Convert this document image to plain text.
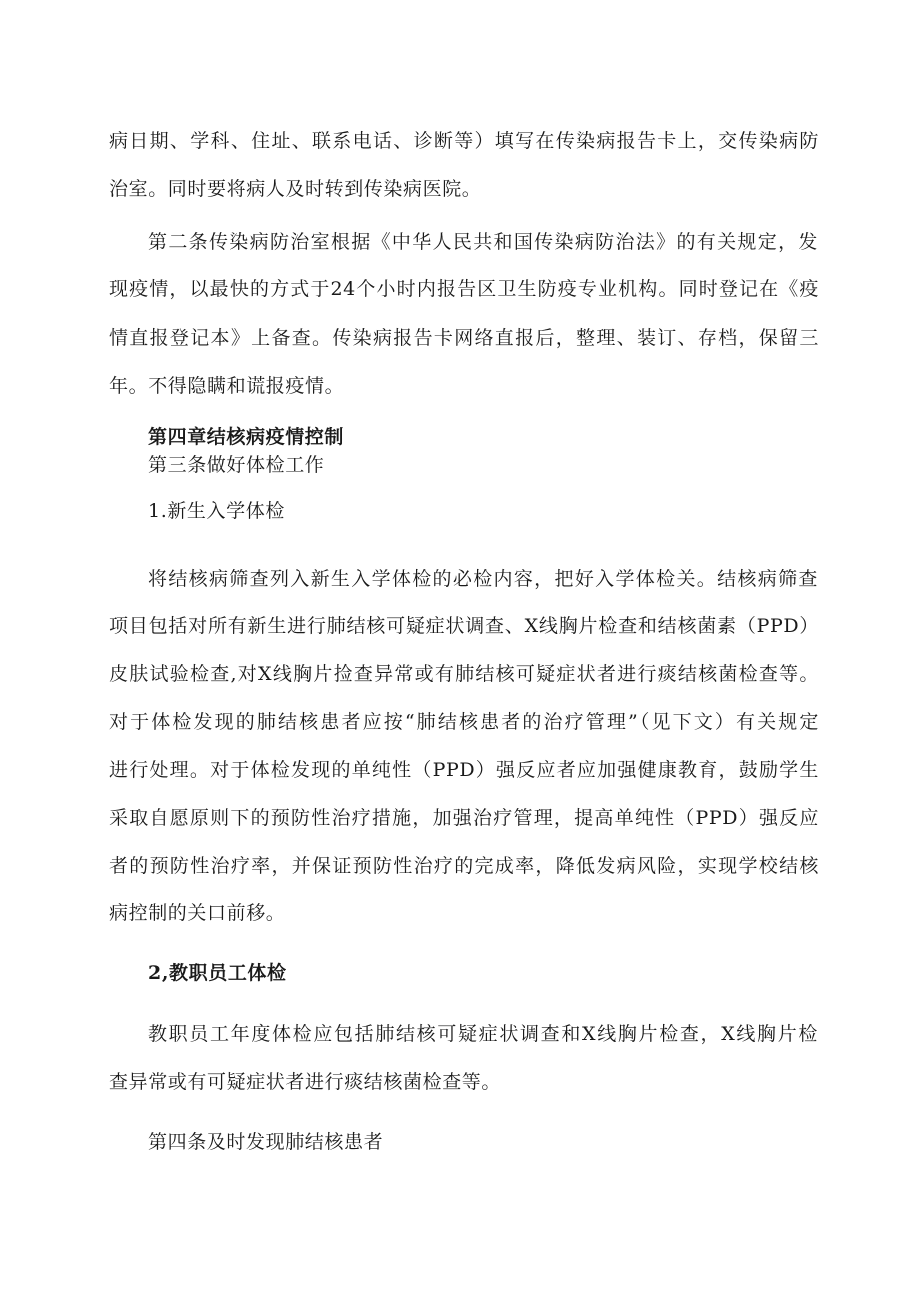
病日期、学科、住址、联系电话、诊断等）填写在传染病报告卡上，交传染病防
治室。同时要将病人及时转到传染病医院。
第二条传染病防治室根据《中华人民共和国传染病防治法》的有关规定，发
现疫情，以最快的方式于24个小时内报告区卫生防疫专业机构。同时登记在《疫
情直报登记本》上备查。传染病报告卡网络直报后，整理、装订、存档，保留三
年。不得隐瞒和谎报疫情。
第四章结核病疫情控制
第三条做好体检工作
1.新生入学体检
将结核病筛查列入新生入学体检的必检内容，把好入学体检关。结核病筛查
项目包括对所有新生进行肺结核可疑症状调查、X线胸片检查和结核菌素（PPD）
皮肤试验检查,对X线胸片捡查异常或有肺结核可疑症状者进行痰结核菌检查等。
对于体检发现的肺结核患者应按“肺结核患者的治疗管理”（见下文）有关规定
进行处理。对于体检发现的单纯性（PPD）强反应者应加强健康教育，鼓励学生
采取自愿原则下的预防性治疗措施，加强治疗管理，提高单纯性（PPD）强反应
者的预防性治疗率，并保证预防性治疗的完成率，降低发病风险，实现学校结核
病控制的关口前移。
2,教职员工体检
教职员工年度体检应包括肺结核可疑症状调查和X线胸片检查，X线胸片检
查异常或有可疑症状者进行痰结核菌检查等。
第四条及时发现肺结核患者
